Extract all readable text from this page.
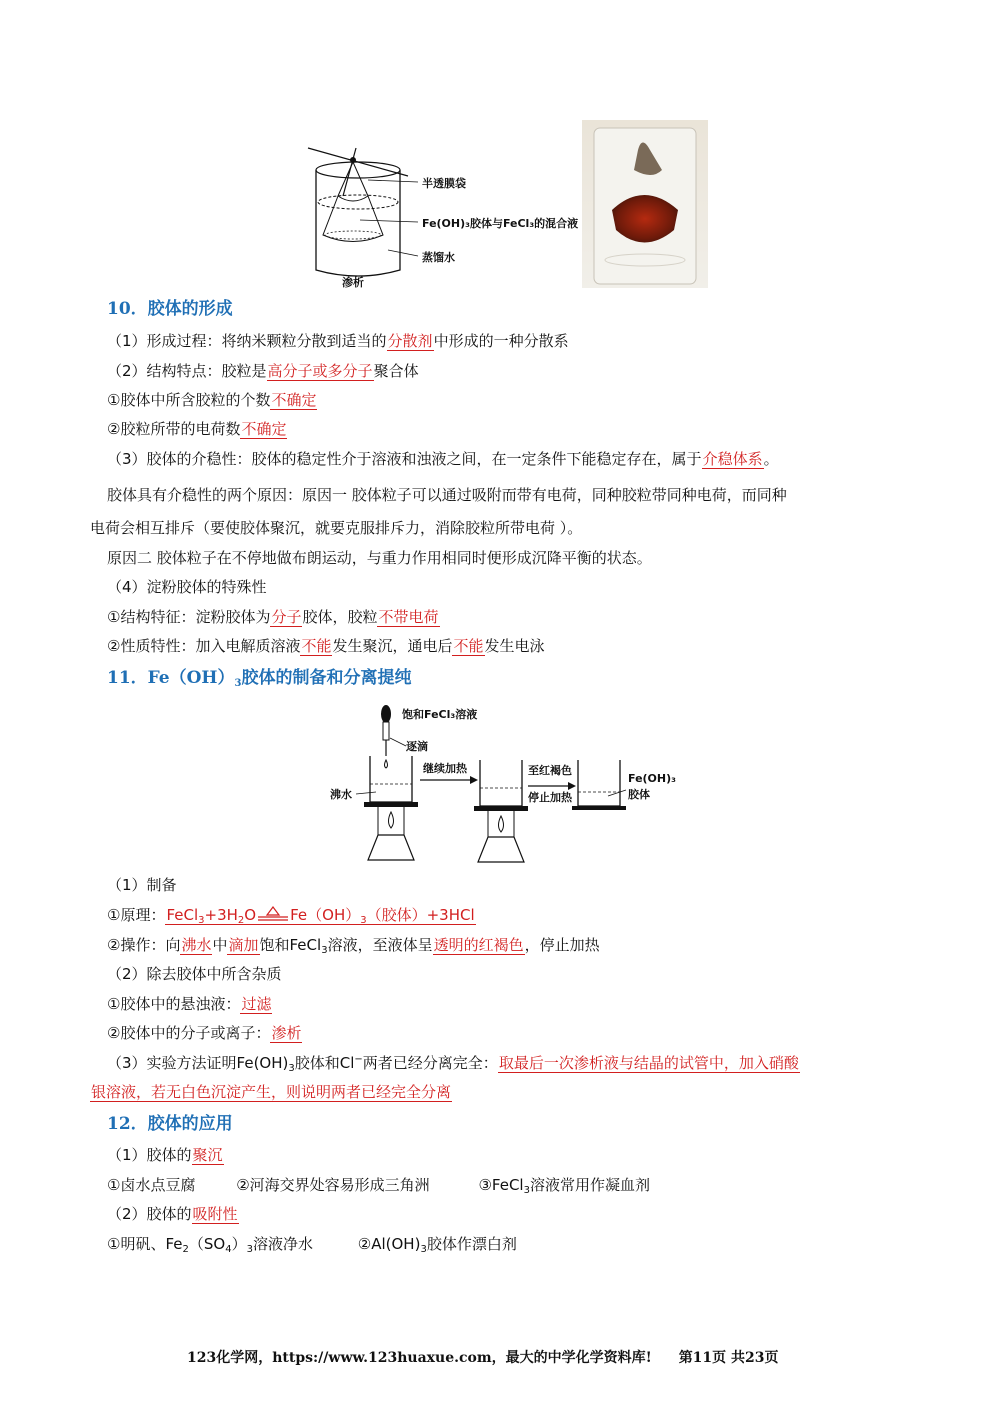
半透膜袋
Fe(OH)₃胶体与FeCl₃的混合液
蒸馏水
渗析
10．胶体的形成
（1）形成过程：将纳米颗粒分散到适当的分散剂中形成的一种分散系
（2）结构特点：胶粒是高分子或多分子聚合体
①胶体中所含胶粒的个数不确定
②胶粒所带的电荷数不确定
（3）胶体的介稳性：胶体的稳定性介于溶液和浊液之间，在一定条件下能稳定存在，属于介稳体系。
胶体具有介稳性的两个原因：原因一 胶体粒子可以通过吸附而带有电荷，同种胶粒带同种电荷，而同种
电荷会相互排斥（要使胶体聚沉，就要克服排斥力，消除胶粒所带电荷 ）。
原因二 胶体粒子在不停地做布朗运动，与重力作用相同时便形成沉降平衡的状态。
（4）淀粉胶体的特殊性
①结构特征：淀粉胶体为分子胶体，胶粒不带电荷
②性质特性：加入电解质溶液不能发生聚沉，通电后不能发生电泳
11．$Fe(OH)_3$胶体的制备和分离提纯
饱和FeCl₃溶液
逐滴
沸水
继续加热	至红褐色
停止加热
Fe(OH)₃
胶体
（1）制备
①原理：$FeCl_3+3H_2O$ $Fe(OH)_3$（胶体）+3HCl
②操作：向沸水中滴加饱和FeCl$_3$溶液，至液体呈透明的红褐色，停止加热
（2）除去胶体中所含杂质
①胶体中的悬浊液：过滤
②胶体中的分子或离子：渗析
（3）实验方法证明$Fe(OH)_3$胶体和Cl−两者已经分离完全：取最后一次渗析液与结晶的试管中，加入硝酸
银溶液，若无白色沉淀产生，则说明两者已经完全分离
12．胶体的应用
（1）胶体的聚沉
①卤水点豆腐	②河海交界处容易形成三角洲	③FeCl$_3$溶液常用作凝血剂
（2）胶体的吸附性
①明矾、$Fe_2(SO_4)_3$溶液净水	$②Al(OH)_3$胶体作漂白剂
123化学网，https://www.123huaxue.com，最大的中学化学资料库! 第11页 共23页
